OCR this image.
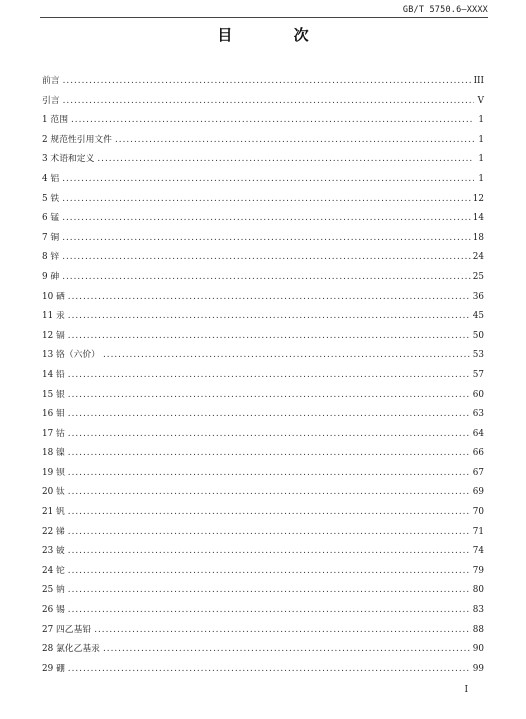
GB/T 5750.6—XXXX
目 次
前言 .....	III
引言 .....	V
1 范围 .....	1
2 规范性引用文件 .....	1
3 术语和定义 .....	1
4 铝 .....	1
5 铁 .....	12
6 锰 .....	14
7 铜 .....	18
8 锌 .....	24
9 砷 .....	25
10 硒 .....	36
11 汞 .....	45
12 镉 .....	50
13 铬（六价） .....	53
14 铅 .....	57
15 银 .....	60
16 钼 .....	63
17 钴 .....	64
18 镍 .....	66
19 钡 .....	67
20 钛 .....	69
21 钒 .....	70
22 锑 .....	71
23 铍 .....	74
24 铊 .....	79
25 钠 .....	80
26 锡 .....	83
27 四乙基铅 .....	88
28 氯化乙基汞 .....	90
29 硼 .....	99
I
